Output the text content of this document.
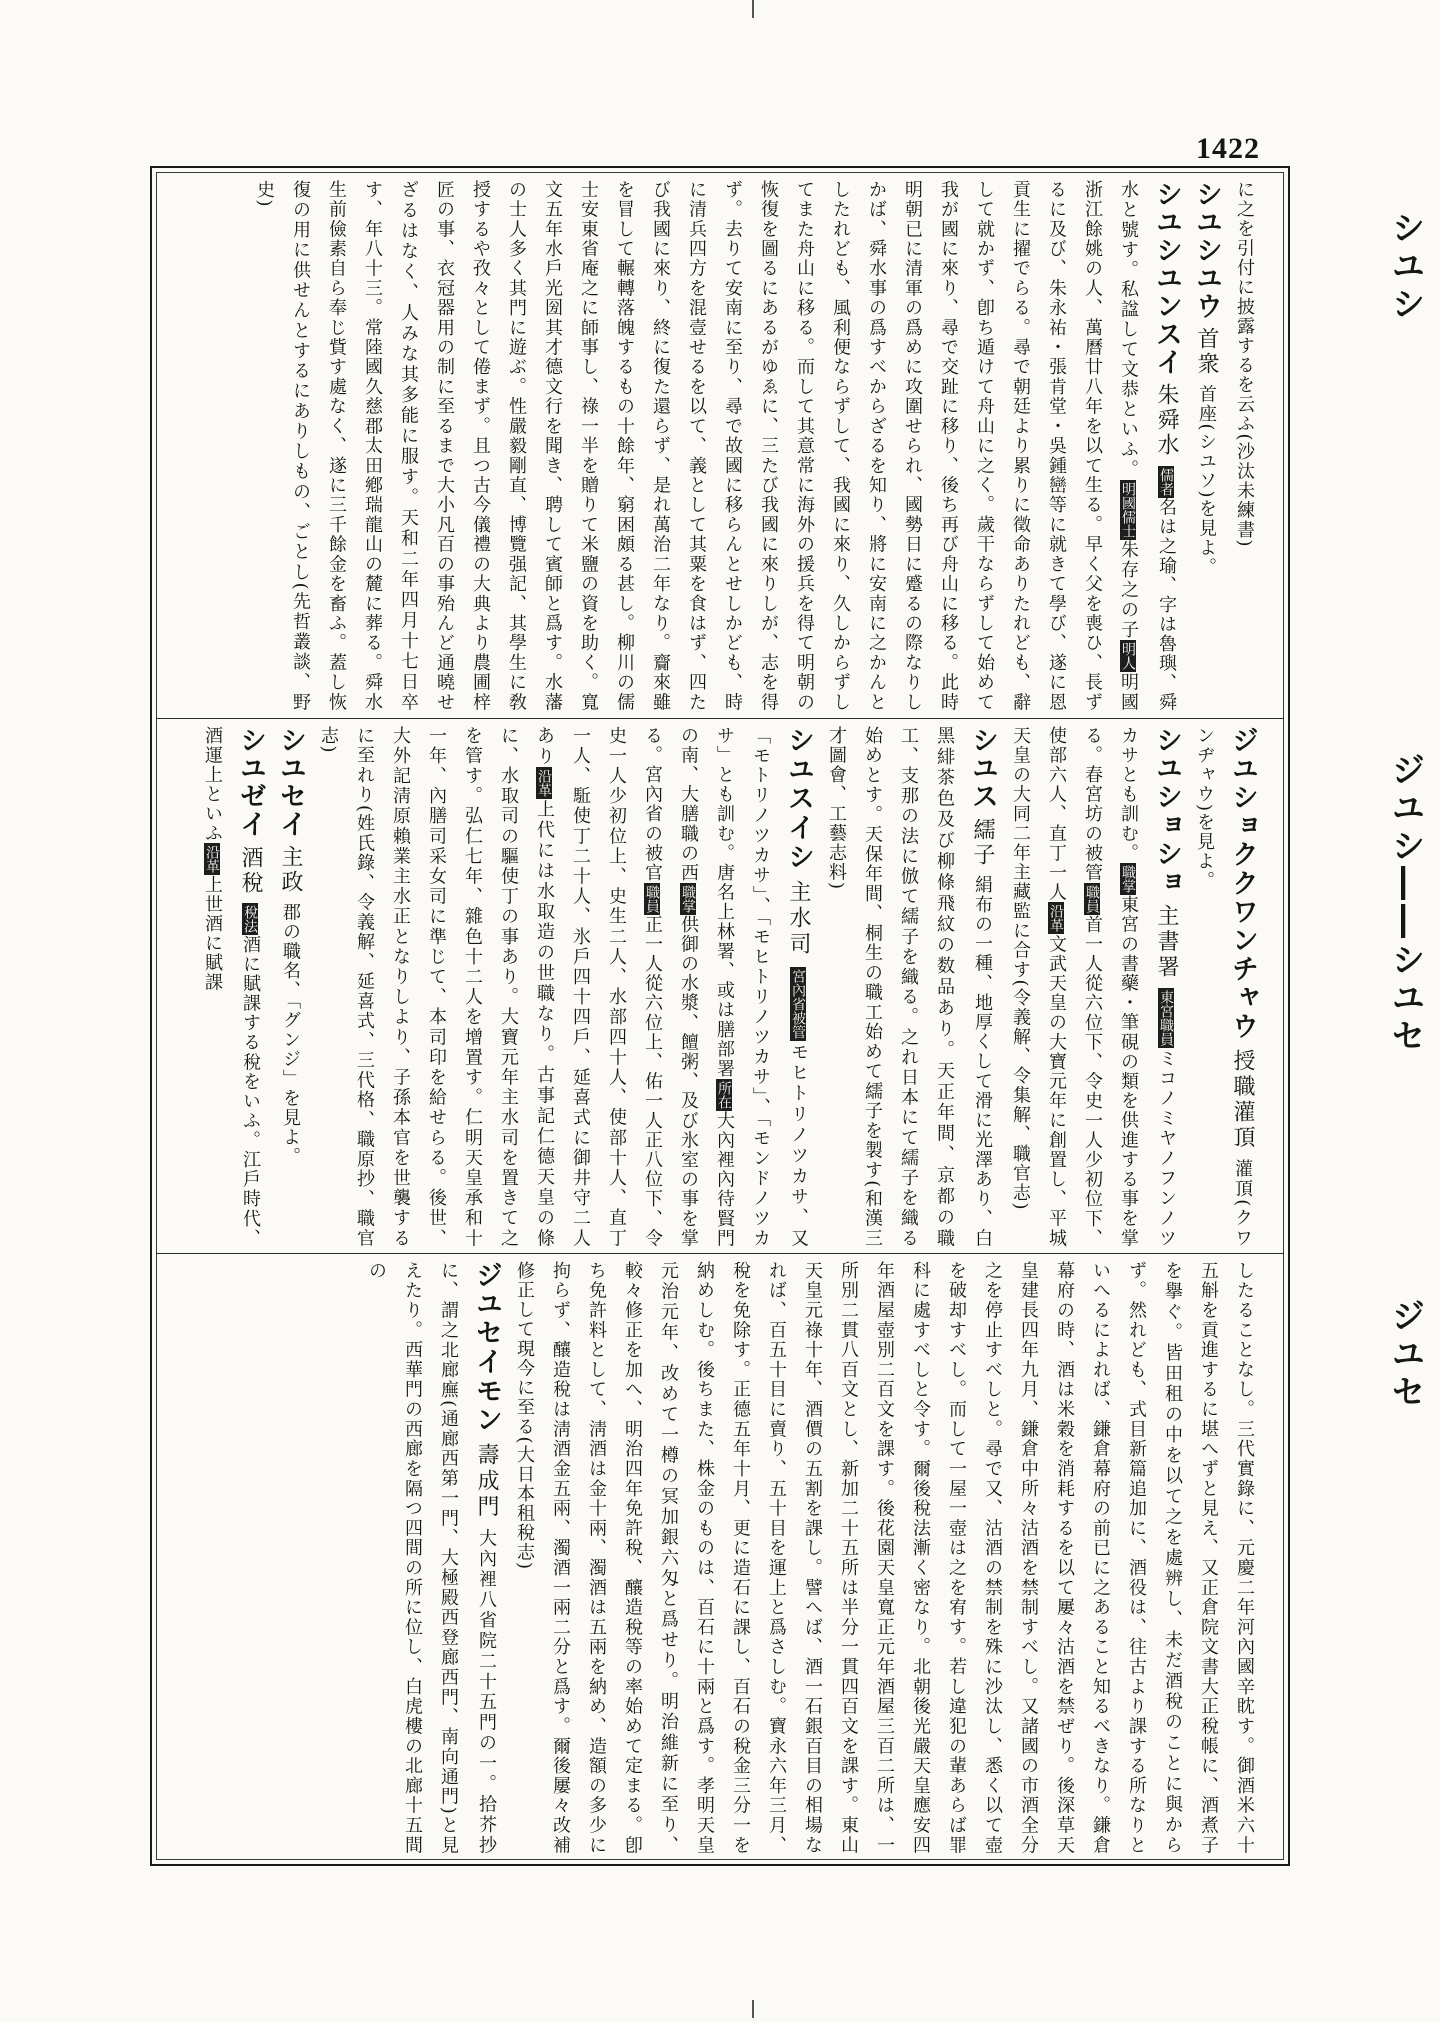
1422
シユシ
ジユシ――シユセ
ジユセ

に之を引付に披露するを云ふ(沙汰未練書)

シユシユウ 首衆 首座(シユソ)を見よ。

シユシユンスイ 朱舜水 儒者名は之瑜、字は魯璵、舜水と號す。私諡して文恭といふ。明國儒士朱存之の子明人明國浙江餘姚の人、萬曆廿八年を以て生る。早く父を喪ひ、長ずるに及び、朱永祐・張肯堂・吳鍾巒等に就きて學び、遂に恩貢生に擢でらる。尋で朝廷より累りに徵命ありたれども、辭して就かず、卽ち遁けて舟山に之く。歲干ならずして始めて我が國に來り、尋で交趾に移り、後ち再び舟山に移る。此時明朝已に清軍の爲めに攻圍せられ、國勢日に蹙るの際なりしかば、舜水事の爲すべからざるを知り、將に安南に之かんとしたれども、風利便ならずして、我國に來り、久しからずしてまた舟山に移る。而して其意常に海外の援兵を得て明朝の恢復を圖るにあるがゆゑに、三たび我國に來りしが、志を得ず。去りて安南に至り、尋で故國に移らんとせしかども、時に清兵四方を混壹せるを以て、義として其粟を食はず、四たび我國に來り、終に復た還らず、是れ萬治二年なり。齎來雖を冒して輾轉落魄するもの十餘年、窮困頗る甚し。柳川の儒士安東省庵之に師事し、祿一半を贈りて米鹽の資を助く。寬文五年水戶光圀其才德文行を聞き、聘して賓師と爲す。水藩の士人多く其門に遊ぶ。性嚴毅剛直、博覽强記、其學生に敎授するや孜々として倦まず。且つ古今儀禮の大典より農圃梓匠の事、衣冠器用の制に至るまで大小凡百の事殆んど通曉せざるはなく、人みな其多能に服す。天和二年四月十七日卒す、年八十三。常陸國久慈郡太田鄕瑞龍山の麓に葬る。舜水生前儉素自ら奉じ貲す處なく、遂に三千餘金を畜ふ。蓋し恢復の用に供せんとするにありしもの、ごとし(先哲叢談、野史)

ジユショククワンチャウ 授職灌頂 灌頂(クワンヂャウ)を見よ。

シユショショ 主書署 東宮職員ミコノミヤノフンノツカサとも訓む。職掌東宮の書藥・筆硯の類を供進する事を掌る。春宮坊の被管職員首一人從六位下、令史一人少初位下、使部六人、直丁一人沿革文武天皇の大寶元年に創置し、平城天皇の大同二年主藏監に合す(令義解、令集解、職官志)

シユス 繻子 絹布の一種、地厚くして滑に光澤あり、白黑緋茶色及び柳條飛紋の数品あり。天正年間、京都の職工、支那の法に倣て繻子を織る。之れ日本にて繻子を織る始めとす。天保年間、桐生の職工始めて繻子を製す(和漢三才圖會、工藝志料)

シユスイシ 主水司 宮內省被管モヒトリノツカサ、又「モトリノツカサ」、「モヒトリノツカサ」、「モンドノツカサ」とも訓む。唐名上林署、或は膳部署所在大內裡內待賢門の南、大膳職の西職掌供御の水漿、饘粥、及び氷室の事を掌る。宮內省の被官職員正一人從六位上、佑一人正八位下、令史一人少初位上、史生二人、水部四十人、使部十人、直丁一人、駈使丁二十人、氷戶四十四戶、延喜式に御井守二人あり沿革上代には水取造の世職なり。古事記仁德天皇の條に、水取司の驅使丁の事あり。大寶元年主水司を置きて之を管す。弘仁七年、雜色十二人を增置す。仁明天皇承和十一年、內膳司采女司に準じて、本司印を給せらる。後世、大外記淸原賴業主水正となりしより、子孫本官を世襲するに至れり(姓氏錄、令義解、延喜式、三代格、職原抄、職官志)

シユセイ 主政 郡の職名、「グンジ」を見よ。

シユゼイ 酒稅 稅法酒に賦課する稅をいふ。江戶時代、酒運上といふ沿革上世酒に賦課

したることなし。三代實錄に、元慶二年河內國辛眈す。御酒米六十五斛を貢進するに堪へずと見え、又正倉院文書大正稅帳に、酒煮子を擧ぐ。皆田租の中を以て之を處辨し、未だ酒稅のことに與からず。然れども、式目新篇追加に、酒役は、往古より課する所なりといへるによれば、鎌倉幕府の前已に之あること知るべきなり。鎌倉幕府の時、酒は米穀を消耗するを以て屢々沽酒を禁ぜり。後深草天皇建長四年九月、鎌倉中所々沽酒を禁制すべし。又諸國の市酒全分之を停止すべしと。尋で又、沽酒の禁制を殊に沙汰し、悉く以て壺を破却すべし。而して一屋一壺は之を宥す。若し違犯の輩あらば罪科に處すべしと令す。爾後稅法漸く密なり。北朝後光嚴天皇應安四年酒屋壺別二百文を課す。後花園天皇寬正元年酒屋三百二所は、一所別二貫八百文とし、新加二十五所は半分一貫四百文を課す。東山天皇元祿十年、酒價の五割を課し。譬へば、酒一石銀百目の相場なれば、百五十目に賣り、五十目を運上と爲さしむ。寶永六年三月、稅を免除す。正德五年十月、更に造石に課し、百石の稅金三分一を納めしむ。後ちまた、株金のものは、百石に十兩と爲す。孝明天皇元治元年、改めて一樽の冥加銀六匁と爲せり。明治維新に至り、較々修正を加へ、明治四年免許稅、釀造稅等の率始めて定まる。卽ち免許料として、淸酒は金十兩、濁酒は五兩を納め、造額の多少に拘らず、釀造稅は淸酒金五兩、濁酒一兩二分と爲す。爾後屢々改補修正して現今に至る(大日本租稅志)

ジユセイモン 壽成門 大內裡八省院二十五門の一。拾芥抄に、謂之北廊廡(通廊西第一門、大極殿西登廊西門、南向通門)と見えたり。西華門の西廊を隔つ四間の所に位し、白虎樓の北廊十五間の
